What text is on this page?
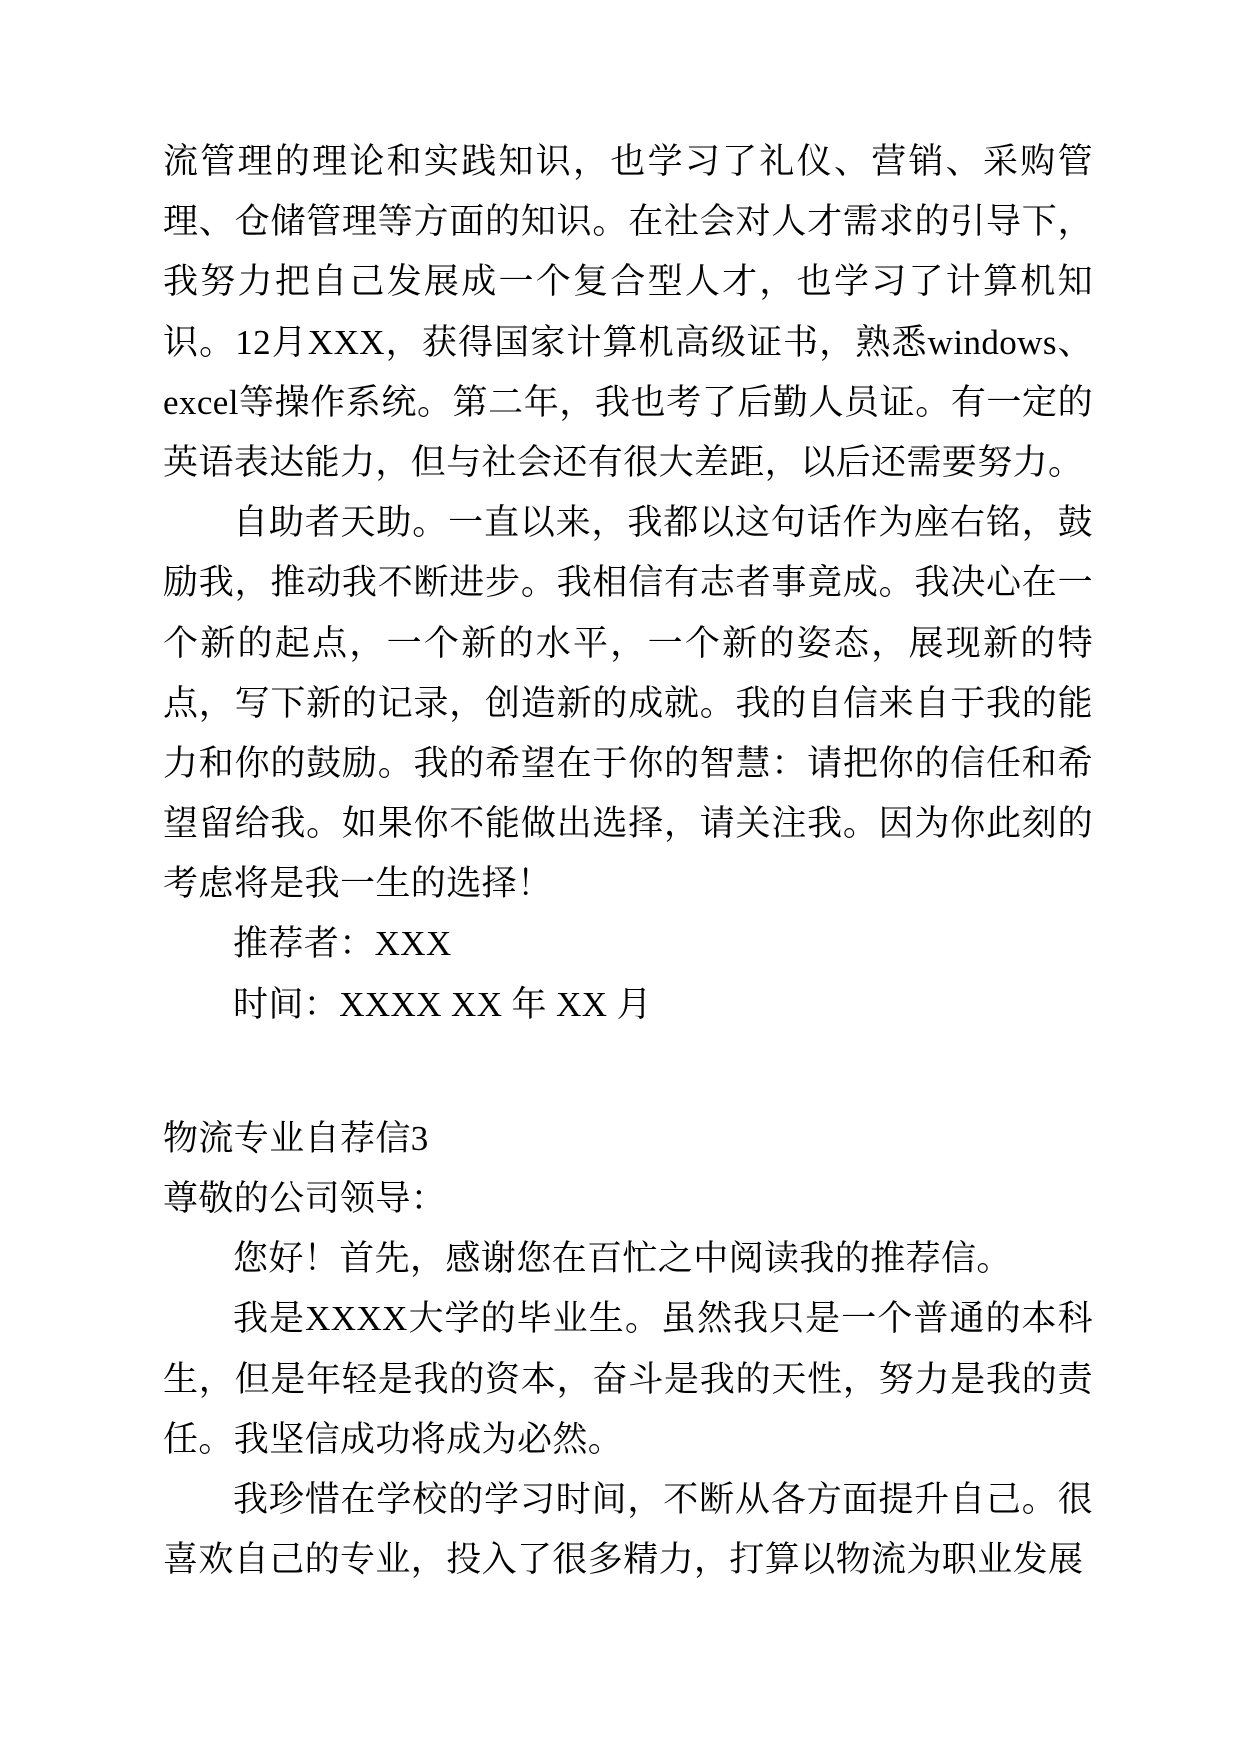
流管理的理论和实践知识，也学习了礼仪、营销、采购管理、仓储管理等方面的知识。在社会对人才需求的引导下，我努力把自己发展成一个复合型人才，也学习了计算机知识。12月XXX，获得国家计算机高级证书，熟悉windows、excel等操作系统。第二年，我也考了后勤人员证。有一定的英语表达能力，但与社会还有很大差距，以后还需要努力。

自助者天助。一直以来，我都以这句话作为座右铭，鼓励我，推动我不断进步。我相信有志者事竟成。我决心在一个新的起点，一个新的水平，一个新的姿态，展现新的特点，写下新的记录，创造新的成就。我的自信来自于我的能力和你的鼓励。我的希望在于你的智慧：请把你的信任和希望留给我。如果你不能做出选择，请关注我。因为你此刻的考虑将是我一生的选择！

推荐者：XXX

时间：XXXX XX 年 XX 月

物流专业自荐信3

尊敬的公司领导：

您好！首先，感谢您在百忙之中阅读我的推荐信。

我是XXXX大学的毕业生。虽然我只是一个普通的本科生，但是年轻是我的资本，奋斗是我的天性，努力是我的责任。我坚信成功将成为必然。

我珍惜在学校的学习时间，不断从各方面提升自己。很喜欢自己的专业，投入了很多精力，打算以物流为职业发展
